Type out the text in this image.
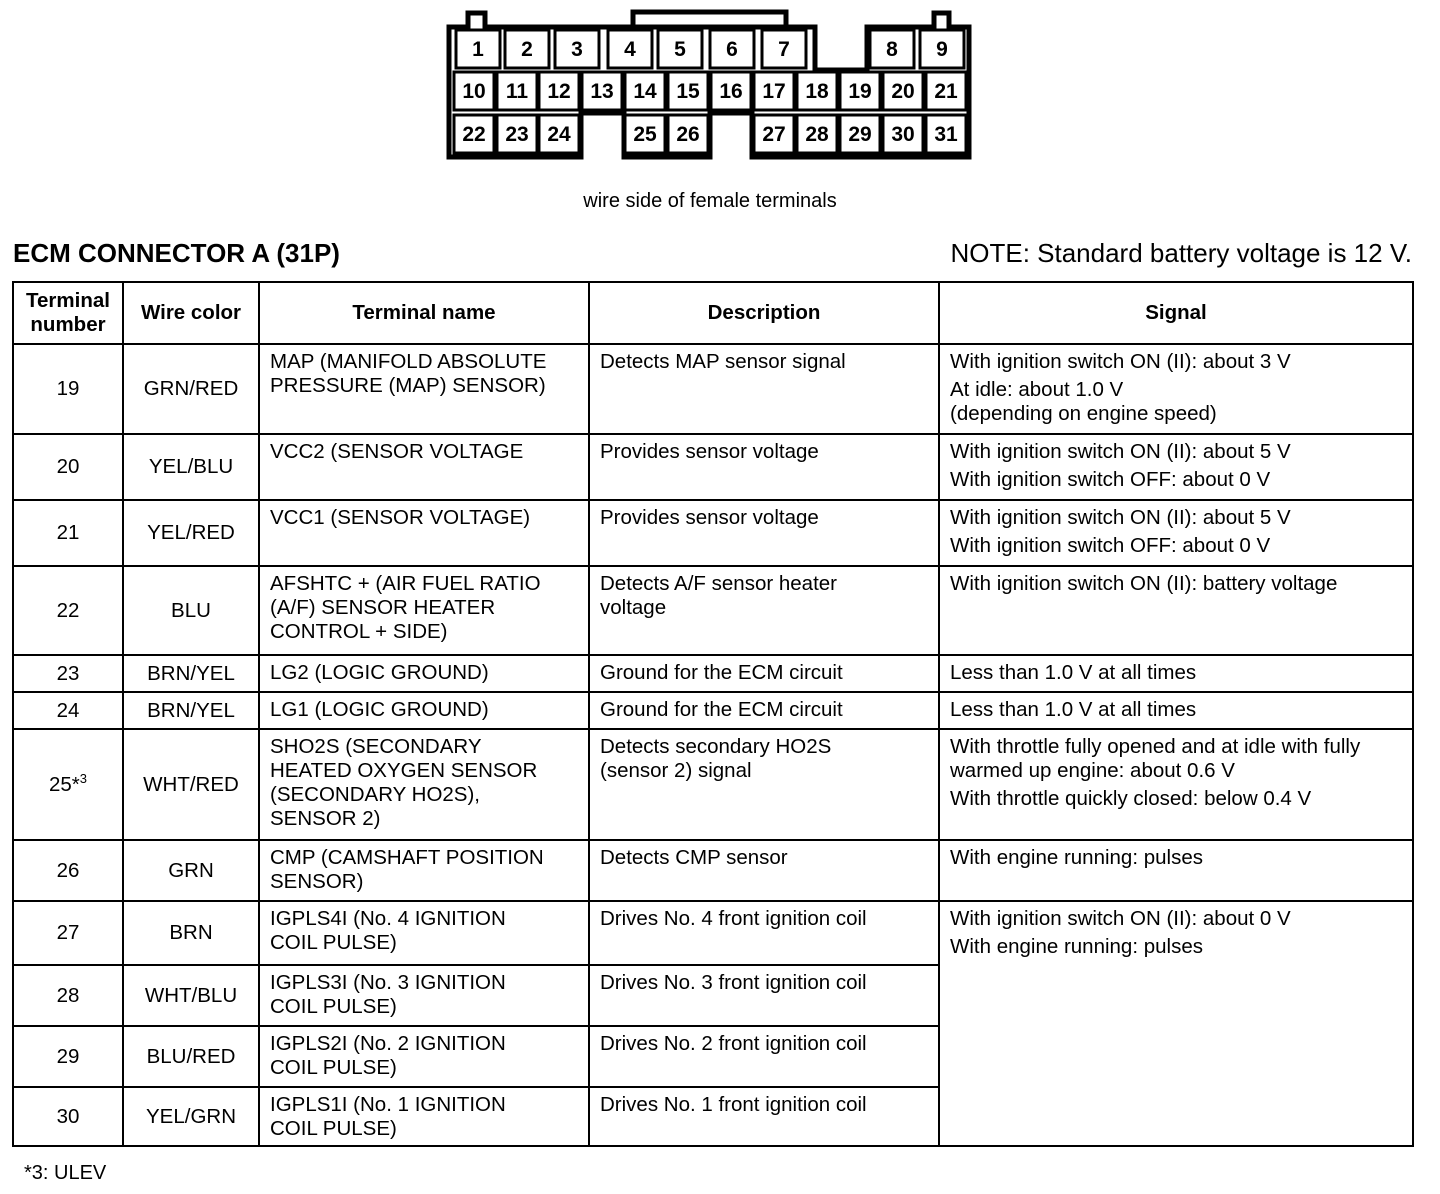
1 2 3 4 5 6 7	8 9
10 11 12 13 14 15 16 17 18 19 20 21
22 23 24	25 26	27 28 29 30 31
wire side of female terminals
ECM CONNECTOR A (31P)	NOTE: Standard battery voltage is 12 V.
Terminal
number	Wire color	Terminal name	Description	Signal
19	GRN/RED	MAP (MANIFOLD ABSOLUTE
PRESSURE (MAP) SENSOR)	Detects MAP sensor signal	With ignition switch ON (II): about 3 V
At idle: about 1.0 V
(depending on engine speed)

20	YEL/BLU	VCC2 (SENSOR VOLTAGE	Provides sensor voltage	With ignition switch ON (II): about 5 V
With ignition switch OFF: about 0 V

21	YEL/RED	VCC1 (SENSOR VOLTAGE)	Provides sensor voltage	With ignition switch ON (II): about 5 V
With ignition switch OFF: about 0 V

22	BLU	AFSHTC + (AIR FUEL RATIO
(A/F) SENSOR HEATER
CONTROL + SIDE)	Detects A/F sensor heater
voltage	With ignition switch ON (II): battery voltage

23	BRN/YEL	LG2 (LOGIC GROUND)	Ground for the ECM circuit	Less than 1.0 V at all times

24	BRN/YEL	LG1 (LOGIC GROUND)	Ground for the ECM circuit	Less than 1.0 V at all times

25*$^3$	WHT/RED	SHO2S (SECONDARY
HEATED OXYGEN SENSOR
(SECONDARY HO2S),
SENSOR 2)	Detects secondary HO2S
(sensor 2) signal	With throttle fully opened and at idle with fully
warmed up engine: about 0.6 V
With throttle quickly closed: below 0.4 V

26	GRN	CMP (CAMSHAFT POSITION
SENSOR)	Detects CMP sensor	With engine running: pulses

27	BRN	IGPLS4I (No. 4 IGNITION
COIL PULSE)	Drives No. 4 front ignition coil	With ignition switch ON (II): about 0 V
With engine running: pulses

28	WHT/BLU	IGPLS3I (No. 3 IGNITION
COIL PULSE)	Drives No. 3 front ignition coil	
29	BLU/RED	IGPLS2I (No. 2 IGNITION
COIL PULSE)	Drives No. 2 front ignition coil	
30	YEL/GRN	IGPLS1I (No. 1 IGNITION
COIL PULSE)	Drives No. 1 front ignition coil	
*3: ULEV
